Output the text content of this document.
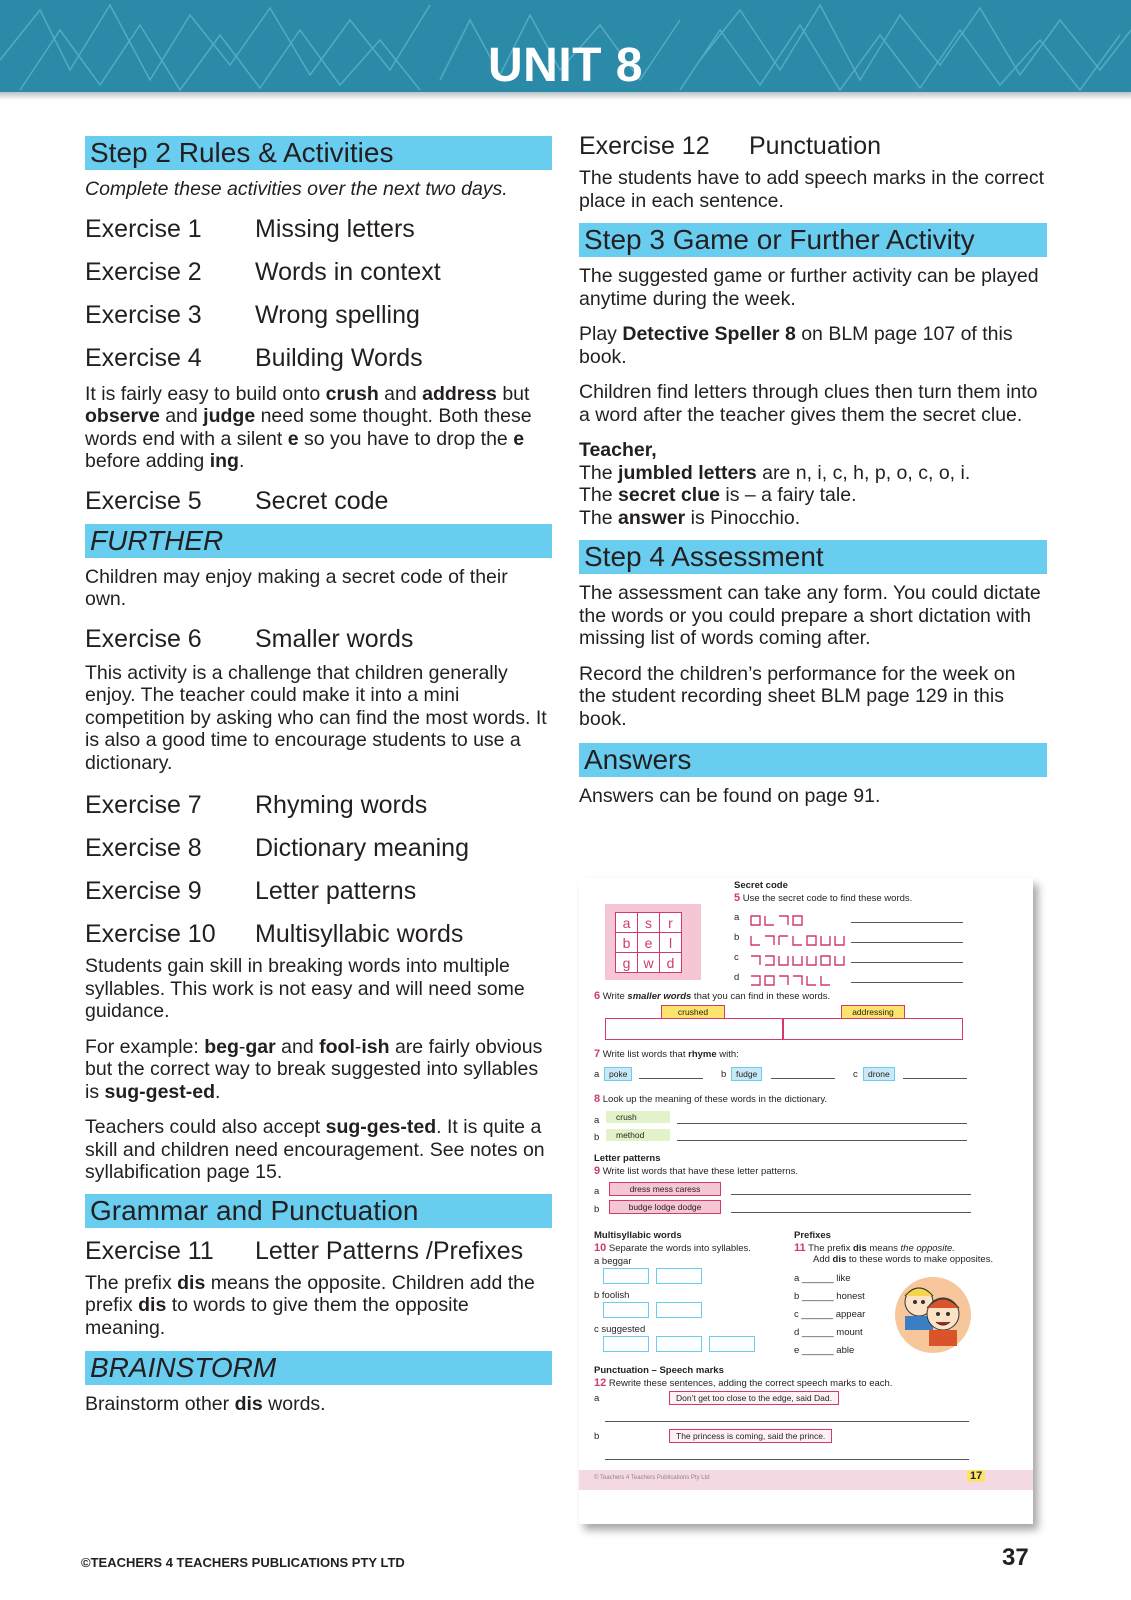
UNIT 8
Step 2 Rules & Activities
Complete these activities over the next two days.
Exercise 1	Missing letters
Exercise 2	Words in context
Exercise 3	Wrong spelling
Exercise 4	Building Words
It is fairly easy to build onto crush and address but observe and judge need some thought. Both these words end with a silent e so you have to drop the e before adding ing.
Exercise 5	Secret code
FURTHER
Children may enjoy making a secret code of their own.
Exercise 6	Smaller words
This activity is a challenge that children generally enjoy. The teacher could make it into a mini competition by asking who can find the most words. It is also a good time to encourage students to use a dictionary.
Exercise 7	Rhyming words
Exercise 8	Dictionary meaning
Exercise 9	Letter patterns
Exercise 10	Multisyllabic words
Students gain skill in breaking words into multiple syllables. This work is not easy and will need some guidance.
For example: beg-gar and fool-ish are fairly obvious but the correct way to break suggested into syllables is sug-gest-ed.
Teachers could also accept sug-ges-ted. It is quite a skill and children need encouragement. See notes on syllabification page 15.
Grammar and Punctuation
Exercise 11	Letter Patterns /Prefixes
The prefix dis means the opposite. Children add the prefix dis to words to give them the opposite meaning.
BRAINSTORM
Brainstorm other dis words.
Exercise 12 Punctuation
The students have to add speech marks in the correct place in each sentence.
Step 3 Game or Further Activity
The suggested game or further activity can be played anytime during the week.
Play Detective Speller 8 on BLM page 107 of this book.
Children find letters through clues then turn them into a word after the teacher gives them the secret clue.
Teacher,
The jumbled letters are n, i, c, h, p, o, c, o, i.
The secret clue is – a fairy tale.
The answer is Pinocchio.
Step 4 Assessment
The assessment can take any form. You could dictate the words or you could prepare a short dictation with missing list of words coming after.
Record the children’s performance for the week on the student recording sheet BLM page 129 in this book.
Answers
Answers can be found on page 91.
Secret code
5 Use the secret code to find these words.
a	s	r
b	e	l
g	w	d
a
b
c
d
6 Write smaller words that you can find in these words.
crushed	addressing
7 Write list words that rhyme with:
a	poke	b	fudge	c	drone
8 Look up the meaning of these words in the dictionary.
a	crush
b	method
Letter patterns
9 Write list words that have these letter patterns.
a	dress mess caress
b	budge lodge dodge
Multisyllabic words
10 Separate the words into syllables.
a beggar
b foolish
c suggested
Prefixes
11 The prefix dis means the opposite.
Add dis to these words to make opposites.
a ______ like
b ______ honest
c ______ appear
d ______ mount
e ______ able
Punctuation – Speech marks
12 Rewrite these sentences, adding the correct speech marks to each.
a	Don’t get too close to the edge, said Dad.
b	The princess is coming, said the prince.
© Teachers 4 Teachers Publications Pty Ltd	17
©TEACHERS 4 TEACHERS PUBLICATIONS PTY LTD	37
